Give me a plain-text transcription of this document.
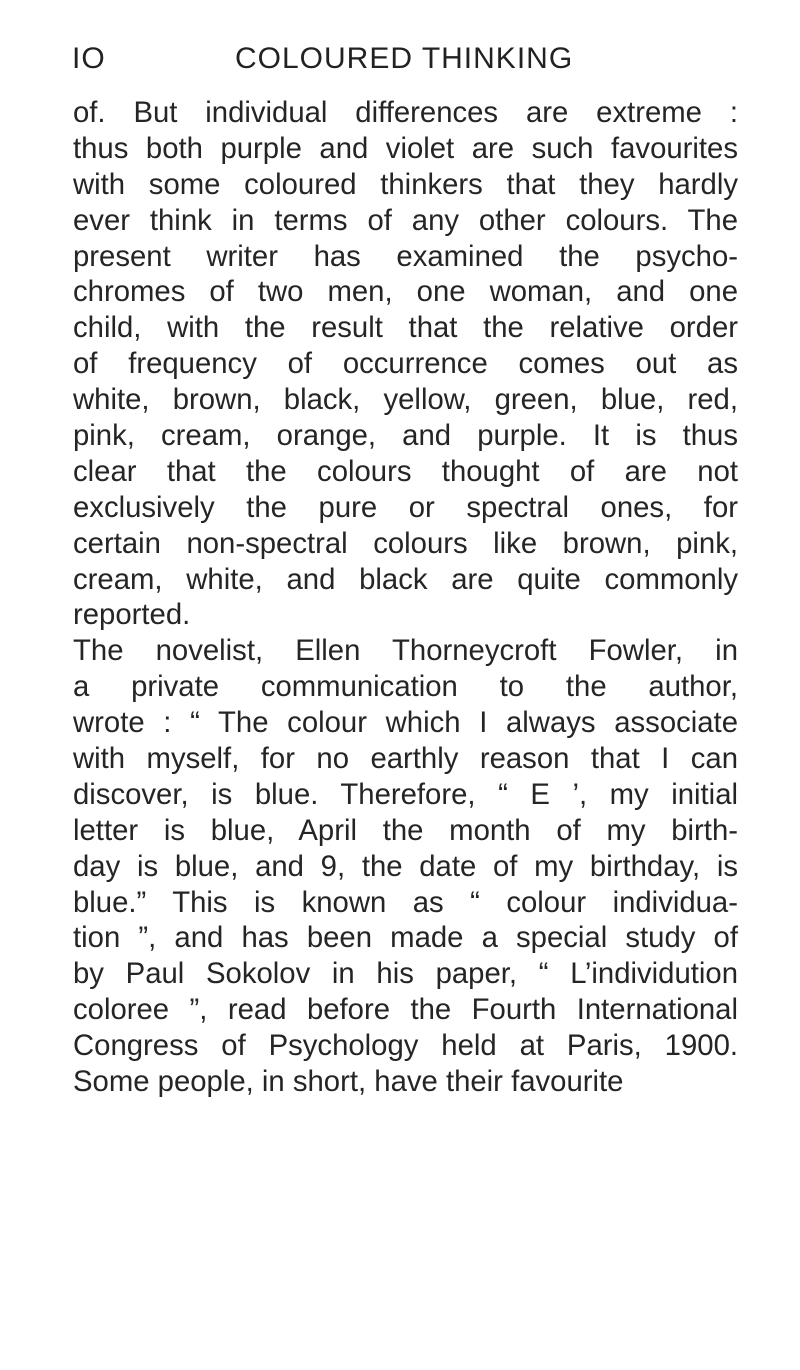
IO	COLOURED THINKING
of. But individual differences are extreme :
thus both purple and violet are such favourites
with some coloured thinkers that they hardly
ever think in terms of any other colours. The
present writer has examined the psycho-
chromes of two men, one woman, and one
child, with the result that the relative order
of frequency of occurrence comes out as
white, brown, black, yellow, green, blue, red,
pink, cream, orange, and purple. It is thus
clear that the colours thought of are not
exclusively the pure or spectral ones, for
certain non-spectral colours like brown, pink,
cream, white, and black are quite commonly
reported.
The novelist, Ellen Thorneycroft Fowler, in
a private communication to the author,
wrote : “ The colour which I always associate
with myself, for no earthly reason that I can
discover, is blue. Therefore, “ E ’, my initial
letter is blue, April the month of my birth-
day is blue, and 9, the date of my birthday, is
blue.” This is known as “ colour individua-
tion ”, and has been made a special study of
by Paul Sokolov in his paper, “ L’individution
coloree ”, read before the Fourth International
Congress of Psychology held at Paris, 1900.
Some people, in short, have their favourite
